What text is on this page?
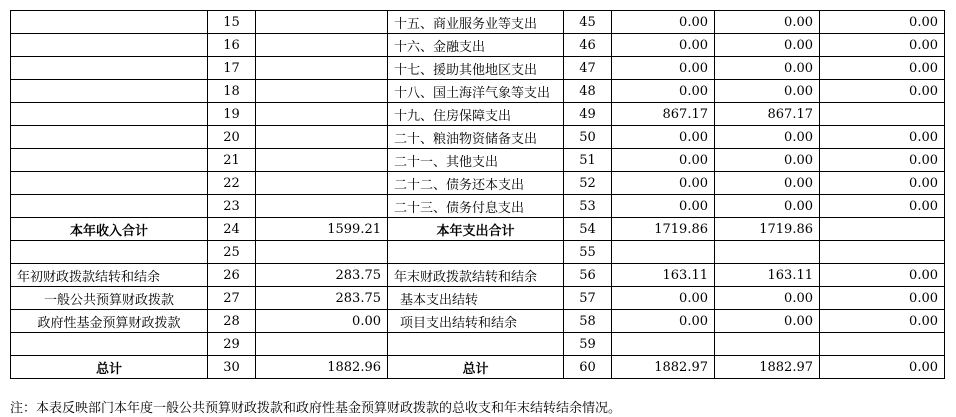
	15		十五、商业服务业等支出	45	0.00	0.00	0.00
	16		十六、金融支出	46	0.00	0.00	0.00
	17		十七、援助其他地区支出	47	0.00	0.00	0.00
	18		十八、国土海洋气象等支出	48	0.00	0.00	0.00
	19		十九、住房保障支出	49	867.17	867.17	
	20		二十、粮油物资储备支出	50	0.00	0.00	0.00
	21		二十一、其他支出	51	0.00	0.00	0.00
	22		二十二、债务还本支出	52	0.00	0.00	0.00
	23		二十三、债务付息支出	53	0.00	0.00	0.00
本年收入合计	24	1599.21	本年支出合计	54	1719.86	1719.86	
	25			55			
年初财政拨款结转和结余	26	283.75	年末财政拨款结转和结余	56	163.11	163.11	0.00
一般公共预算财政拨款	27	283.75	基本支出结转	57	0.00	0.00	0.00
政府性基金预算财政拨款	28	0.00	项目支出结转和结余	58	0.00	0.00	0.00
	29			59			
总计	30	1882.96	总计	60	1882.97	1882.97	0.00
注：本表反映部门本年度一般公共预算财政拨款和政府性基金预算财政拨款的总收支和年末结转结余情况。
